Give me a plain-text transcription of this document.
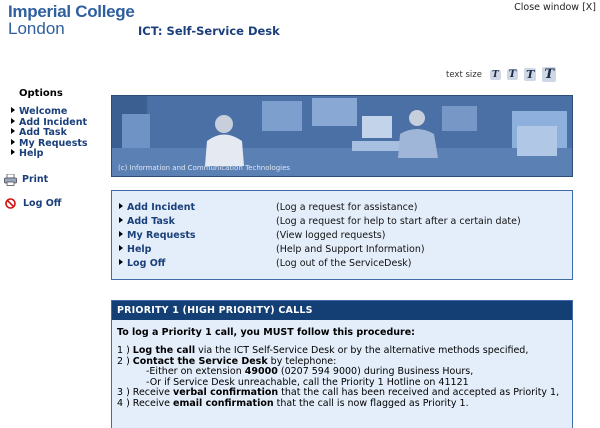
Imperial College
London	ICT: Self-Service Desk
Close window [X]
text size T T T T
Options
Welcome
Add Incident
Add Task
My Requests
Help
Print
Log Off
(c) Information and Communication Technologies
Add Incident	(Log a request for assistance)
Add Task	(Log a request for help to start after a certain date)
My Requests	(View logged requests)
Help	(Help and Support Information)
Log Off	(Log out of the ServiceDesk)
PRIORITY 1 (HIGH PRIORITY) CALLS
To log a Priority 1 call, you MUST follow this procedure:
1 ) Log the call via the ICT Self-Service Desk or by the alternative methods specified,
2 ) Contact the Service Desk by telephone:
-Either on extension 49000 (0207 594 9000) during Business Hours,
-Or if Service Desk unreachable, call the Priority 1 Hotline on 41121
3 ) Receive verbal confirmation that the call has been received and accepted as Priority 1,
4 ) Receive email confirmation that the call is now flagged as Priority 1.
